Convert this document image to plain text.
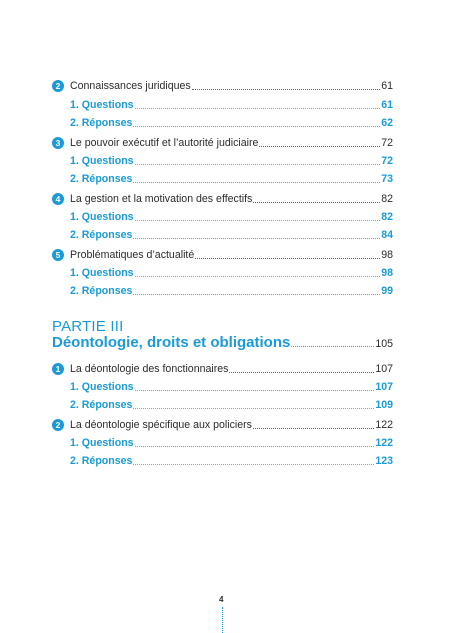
2 Connaissances juridiques	61
1. Questions	61
2. Réponses	62
3 Le pouvoir exécutif et l’autorité judiciaire	72
1. Questions	72
2. Réponses	73
4 La gestion et la motivation des effectifs	82
1. Questions	82
2. Réponses	84
5 Problématiques d’actualité	98
1. Questions	98
2. Réponses	99
1 La déontologie des fonctionnaires	107
1. Questions	107
2. Réponses	109
2 La déontologie spécifique aux policiers	122
1. Questions	122
2. Réponses	123
PARTIE III
Déontologie, droits et obligations	105
4
